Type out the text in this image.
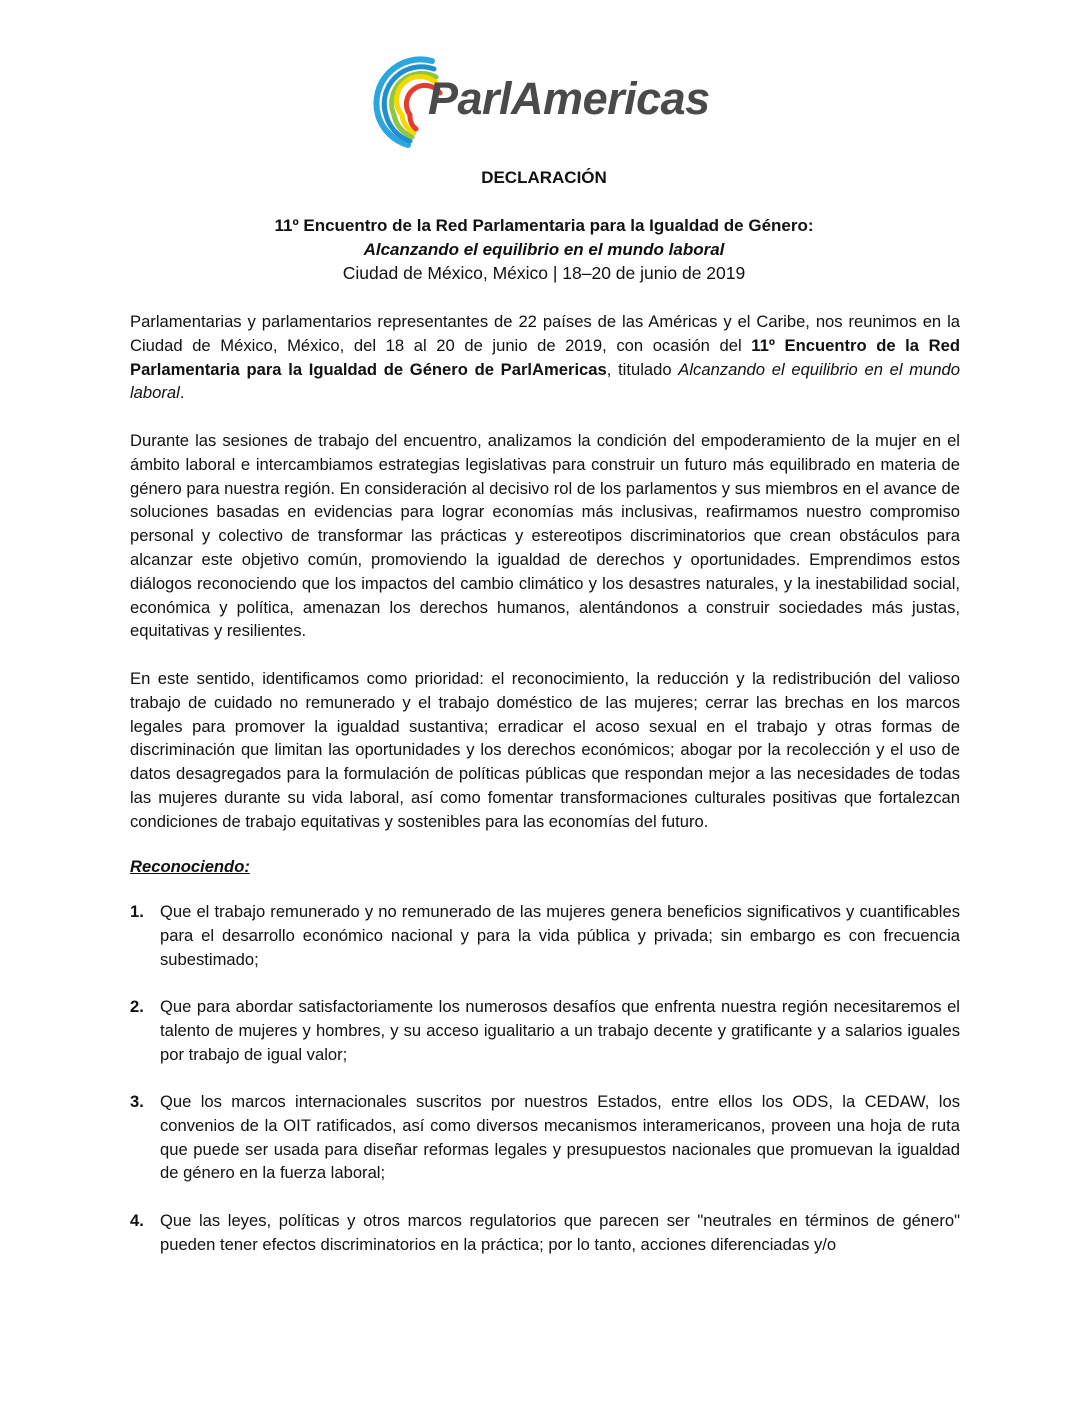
ParlAmericas
DECLARACIÓN
11º Encuentro de la Red Parlamentaria para la Igualdad de Género:
Alcanzando el equilibrio en el mundo laboral
Ciudad de México, México | 18–20 de junio de 2019

Parlamentarias y parlamentarios representantes de 22 países de las Américas y el Caribe, nos reunimos en la Ciudad de México, México, del 18 al 20 de junio de 2019, con ocasión del 11º Encuentro de la Red Parlamentaria para la Igualdad de Género de ParlAmericas, titulado Alcanzando el equilibrio en el mundo laboral.

Durante las sesiones de trabajo del encuentro, analizamos la condición del empoderamiento de la mujer en el ámbito laboral e intercambiamos estrategias legislativas para construir un futuro más equilibrado en materia de género para nuestra región. En consideración al decisivo rol de los parlamentos y sus miembros en el avance de soluciones basadas en evidencias para lograr economías más inclusivas, reafirmamos nuestro compromiso personal y colectivo de transformar las prácticas y estereotipos discriminatorios que crean obstáculos para alcanzar este objetivo común, promoviendo la igualdad de derechos y oportunidades. Emprendimos estos diálogos reconociendo que los impactos del cambio climático y los desastres naturales, y la inestabilidad social, económica y política, amenazan los derechos humanos, alentándonos a construir sociedades más justas, equitativas y resilientes.

En este sentido, identificamos como prioridad: el reconocimiento, la reducción y la redistribución del valioso trabajo de cuidado no remunerado y el trabajo doméstico de las mujeres; cerrar las brechas en los marcos legales para promover la igualdad sustantiva; erradicar el acoso sexual en el trabajo y otras formas de discriminación que limitan las oportunidades y los derechos económicos; abogar por la recolección y el uso de datos desagregados para la formulación de políticas públicas que respondan mejor a las necesidades de todas las mujeres durante su vida laboral, así como fomentar transformaciones culturales positivas que fortalezcan condiciones de trabajo equitativas y sostenibles para las economías del futuro.

Reconociendo:
1. Que el trabajo remunerado y no remunerado de las mujeres genera beneficios significativos y cuantificables para el desarrollo económico nacional y para la vida pública y privada; sin embargo es con frecuencia subestimado;

2. Que para abordar satisfactoriamente los numerosos desafíos que enfrenta nuestra región necesitaremos el talento de mujeres y hombres, y su acceso igualitario a un trabajo decente y gratificante y a salarios iguales por trabajo de igual valor;

3. Que los marcos internacionales suscritos por nuestros Estados, entre ellos los ODS, la CEDAW, los convenios de la OIT ratificados, así como diversos mecanismos interamericanos, proveen una hoja de ruta que puede ser usada para diseñar reformas legales y presupuestos nacionales que promuevan la igualdad de género en la fuerza laboral;

4. Que las leyes, políticas y otros marcos regulatorios que parecen ser "neutrales en términos de género" pueden tener efectos discriminatorios en la práctica; por lo tanto, acciones diferenciadas y/o
